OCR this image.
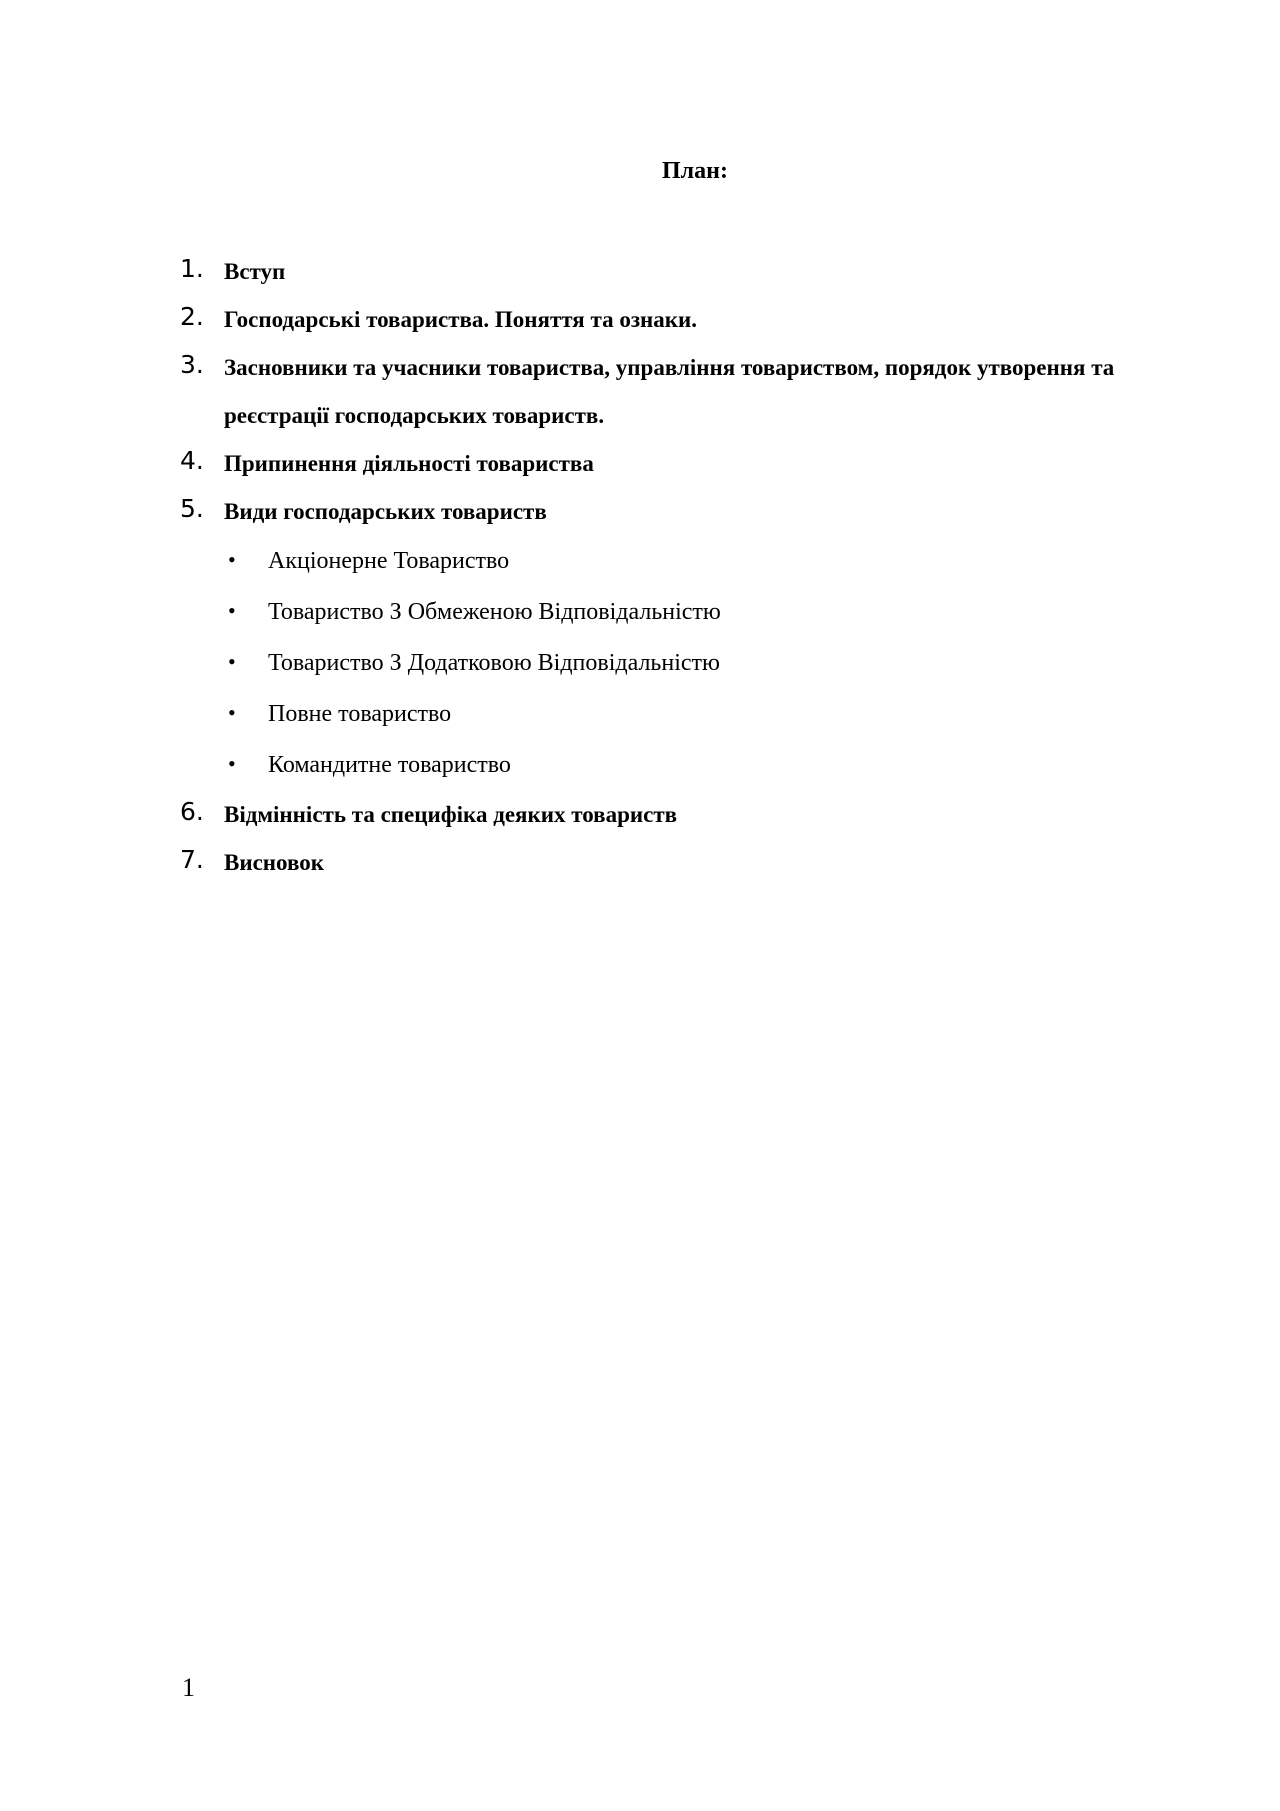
План:
1. Вступ
2. Господарські товариства. Поняття та ознаки.
3. Засновники та учасники товариства, управління товариством, порядок утворення та реєстрації господарських товариств.
4. Припинення діяльності товариства
5. Види господарських товариств
• Акціонерне Товариство
• Товариство З Обмеженою Відповідальністю
• Товариство З Додатковою Відповідальністю
• Повне товариство
• Командитне товариство
6. Відмінність та специфіка деяких товариств
7. Висновок
1
